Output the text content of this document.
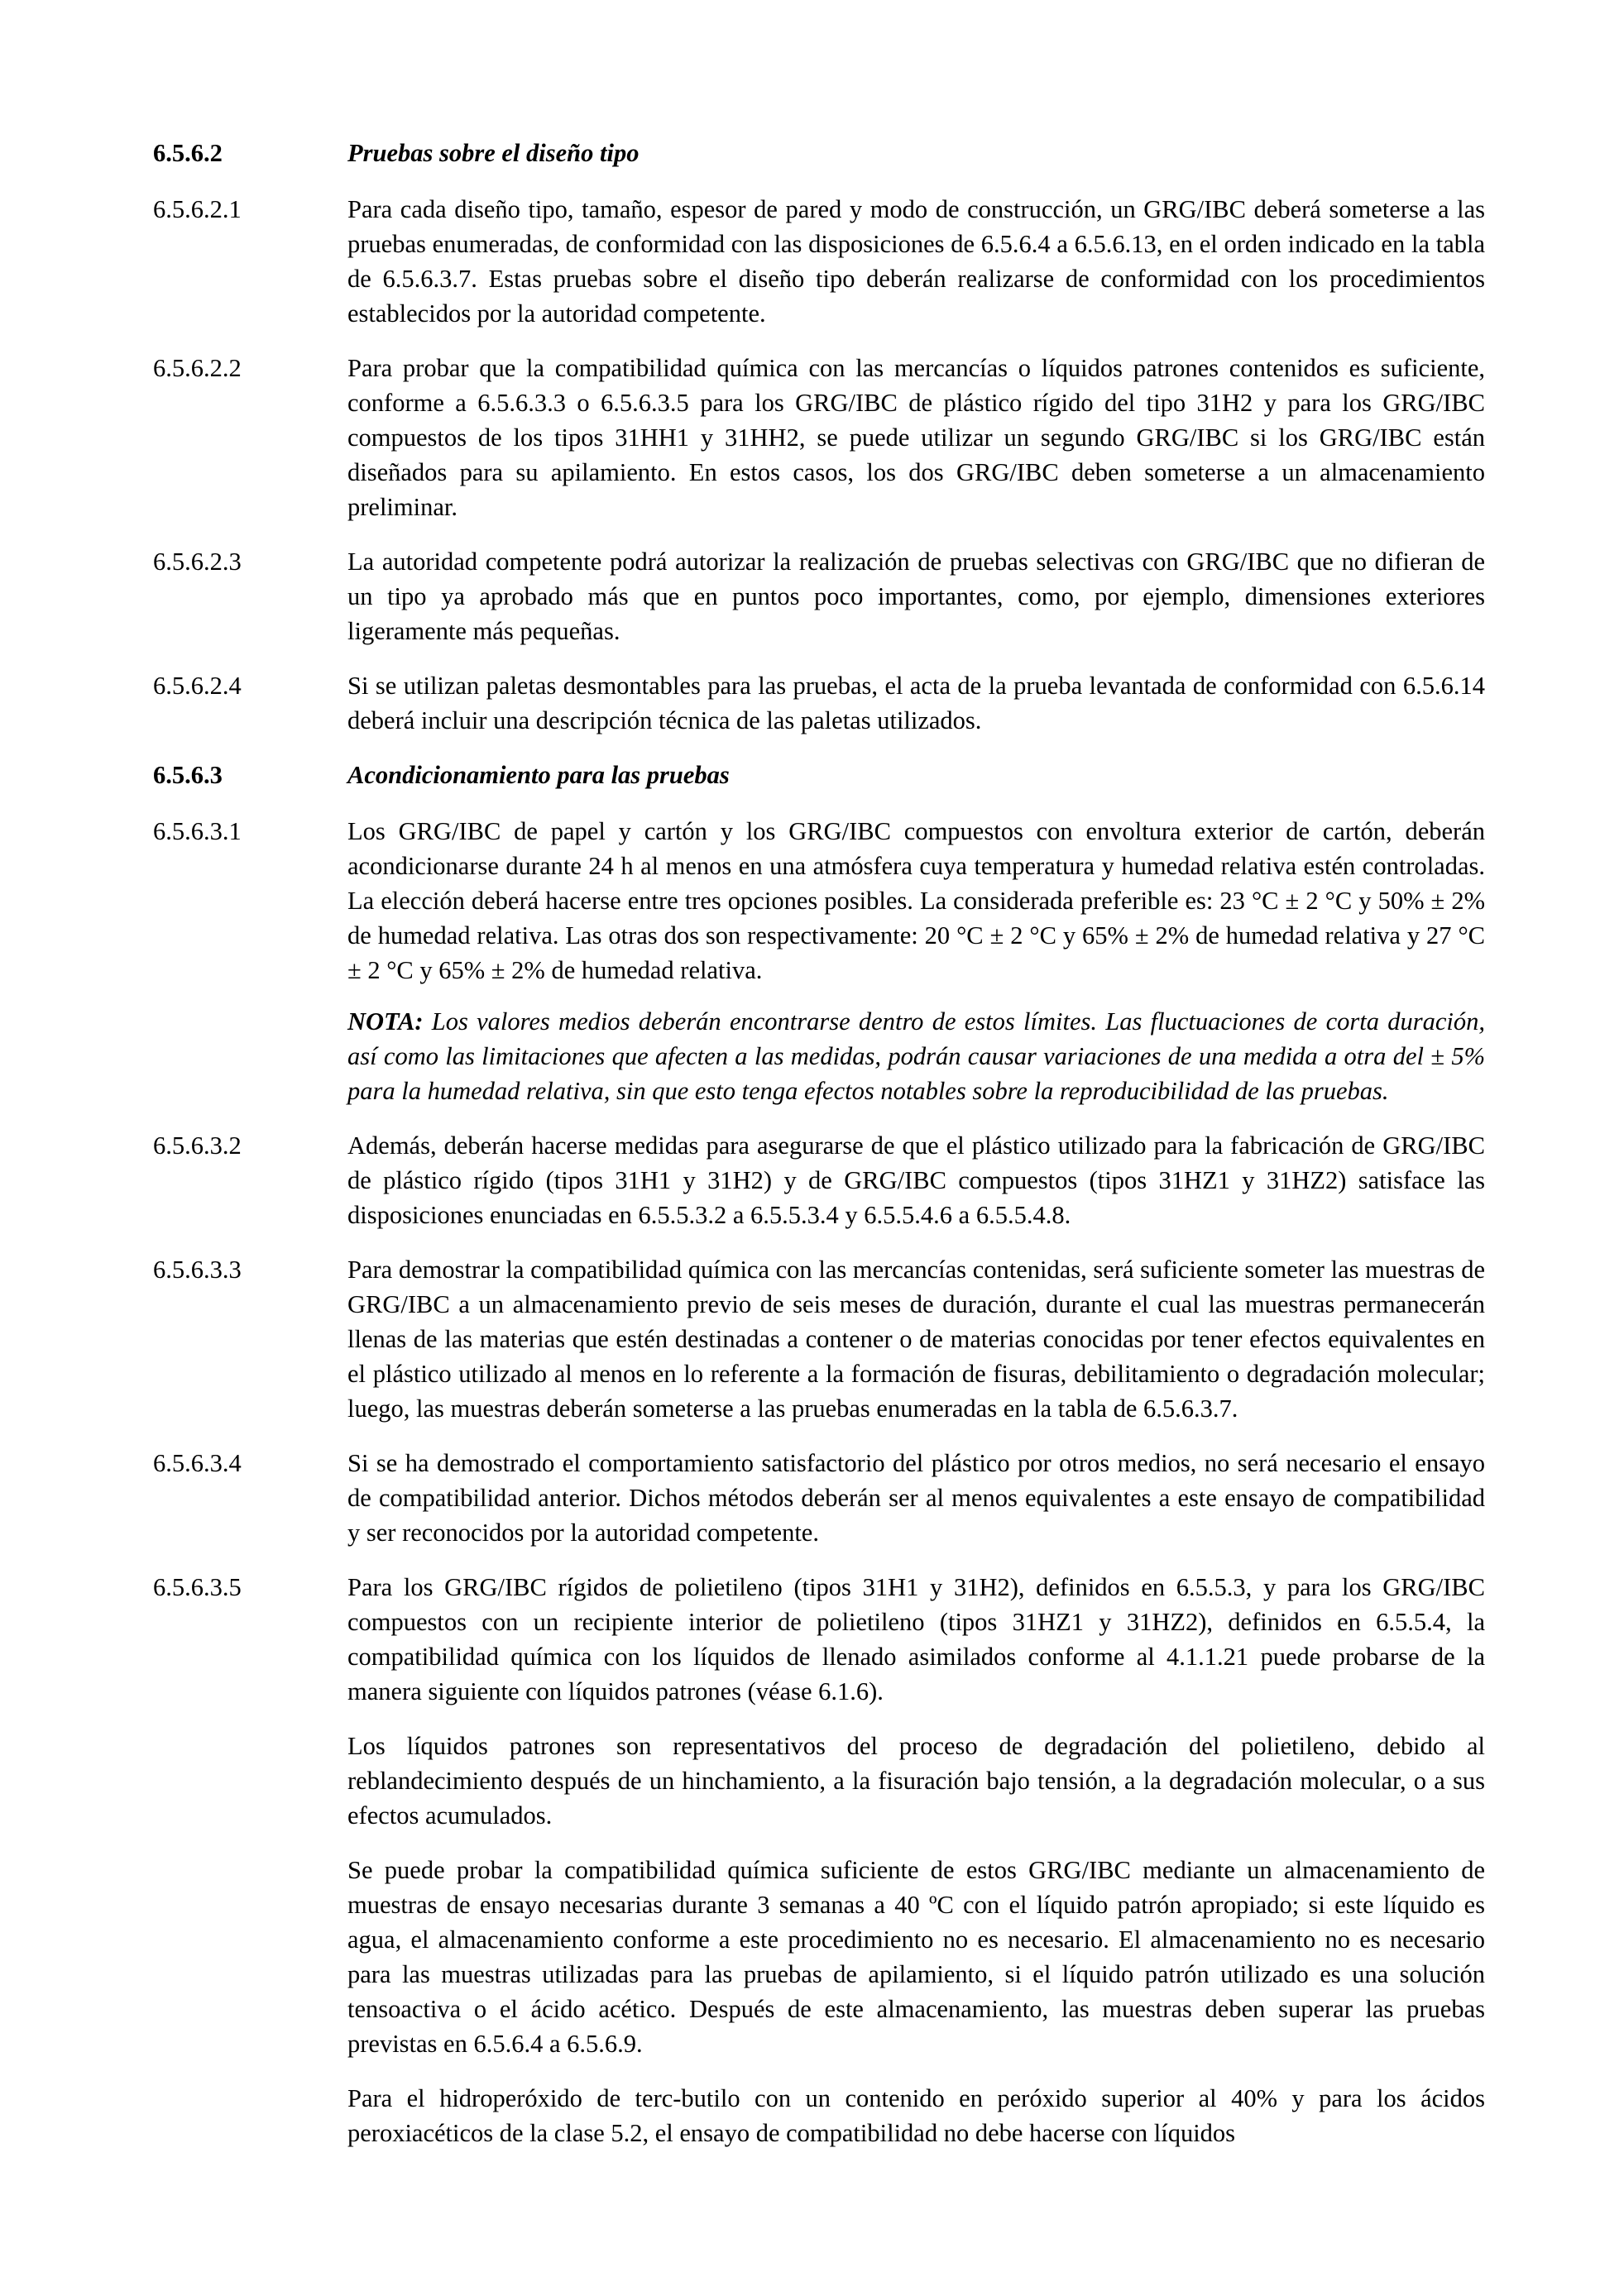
6.5.6.2	Pruebas sobre el diseño tipo
6.5.6.2.1	Para cada diseño tipo, tamaño, espesor de pared y modo de construcción, un GRG/IBC deberá someterse a las pruebas enumeradas, de conformidad con las disposiciones de 6.5.6.4 a 6.5.6.13, en el orden indicado en la tabla de 6.5.6.3.7. Estas pruebas sobre el diseño tipo deberán realizarse de conformidad con los procedimientos establecidos por la autoridad competente.
6.5.6.2.2	Para probar que la compatibilidad química con las mercancías o líquidos patrones contenidos es suficiente, conforme a 6.5.6.3.3 o 6.5.6.3.5 para los GRG/IBC de plástico rígido del tipo 31H2 y para los GRG/IBC compuestos de los tipos 31HH1 y 31HH2, se puede utilizar un segundo GRG/IBC si los GRG/IBC están diseñados para su apilamiento. En estos casos, los dos GRG/IBC deben someterse a un almacenamiento preliminar.
6.5.6.2.3	La autoridad competente podrá autorizar la realización de pruebas selectivas con GRG/IBC que no difieran de un tipo ya aprobado más que en puntos poco importantes, como, por ejemplo, dimensiones exteriores ligeramente más pequeñas.
6.5.6.2.4	Si se utilizan paletas desmontables para las pruebas, el acta de la prueba levantada de conformidad con 6.5.6.14 deberá incluir una descripción técnica de las paletas utilizados.
6.5.6.3	Acondicionamiento para las pruebas
6.5.6.3.1	Los GRG/IBC de papel y cartón y los GRG/IBC compuestos con envoltura exterior de cartón, deberán acondicionarse durante 24 h al menos en una atmósfera cuya temperatura y humedad relativa estén controladas. La elección deberá hacerse entre tres opciones posibles. La considerada preferible es: 23 °C ± 2 °C y 50% ± 2% de humedad relativa. Las otras dos son respectivamente: 20 °C ± 2 °C y 65% ± 2% de humedad relativa y 27 °C ± 2 °C y 65% ± 2% de humedad relativa.
NOTA: Los valores medios deberán encontrarse dentro de estos límites. Las fluctuaciones de corta duración, así como las limitaciones que afecten a las medidas, podrán causar variaciones de una medida a otra del ± 5% para la humedad relativa, sin que esto tenga efectos notables sobre la reproducibilidad de las pruebas.
6.5.6.3.2	Además, deberán hacerse medidas para asegurarse de que el plástico utilizado para la fabricación de GRG/IBC de plástico rígido (tipos 31H1 y 31H2) y de GRG/IBC compuestos (tipos 31HZ1 y 31HZ2) satisface las disposiciones enunciadas en 6.5.5.3.2 a 6.5.5.3.4 y 6.5.5.4.6 a 6.5.5.4.8.
6.5.6.3.3	Para demostrar la compatibilidad química con las mercancías contenidas, será suficiente someter las muestras de GRG/IBC a un almacenamiento previo de seis meses de duración, durante el cual las muestras permanecerán llenas de las materias que estén destinadas a contener o de materias conocidas por tener efectos equivalentes en el plástico utilizado al menos en lo referente a la formación de fisuras, debilitamiento o degradación molecular; luego, las muestras deberán someterse a las pruebas enumeradas en la tabla de 6.5.6.3.7.
6.5.6.3.4	Si se ha demostrado el comportamiento satisfactorio del plástico por otros medios, no será necesario el ensayo de compatibilidad anterior. Dichos métodos deberán ser al menos equivalentes a este ensayo de compatibilidad y ser reconocidos por la autoridad competente.
6.5.6.3.5	Para los GRG/IBC rígidos de polietileno (tipos 31H1 y 31H2), definidos en 6.5.5.3, y para los GRG/IBC compuestos con un recipiente interior de polietileno (tipos 31HZ1 y 31HZ2), definidos en 6.5.5.4, la compatibilidad química con los líquidos de llenado asimilados conforme al 4.1.1.21 puede probarse de la manera siguiente con líquidos patrones (véase 6.1.6).
Los líquidos patrones son representativos del proceso de degradación del polietileno, debido al reblandecimiento después de un hinchamiento, a la fisuración bajo tensión, a la degradación molecular, o a sus efectos acumulados.
Se puede probar la compatibilidad química suficiente de estos GRG/IBC mediante un almacenamiento de muestras de ensayo necesarias durante 3 semanas a 40 ºC con el líquido patrón apropiado; si este líquido es agua, el almacenamiento conforme a este procedimiento no es necesario. El almacenamiento no es necesario para las muestras utilizadas para las pruebas de apilamiento, si el líquido patrón utilizado es una solución tensoactiva o el ácido acético. Después de este almacenamiento, las muestras deben superar las pruebas previstas en 6.5.6.4 a 6.5.6.9.
Para el hidroperóxido de terc-butilo con un contenido en peróxido superior al 40% y para los ácidos peroxiacéticos de la clase 5.2, el ensayo de compatibilidad no debe hacerse con líquidos
